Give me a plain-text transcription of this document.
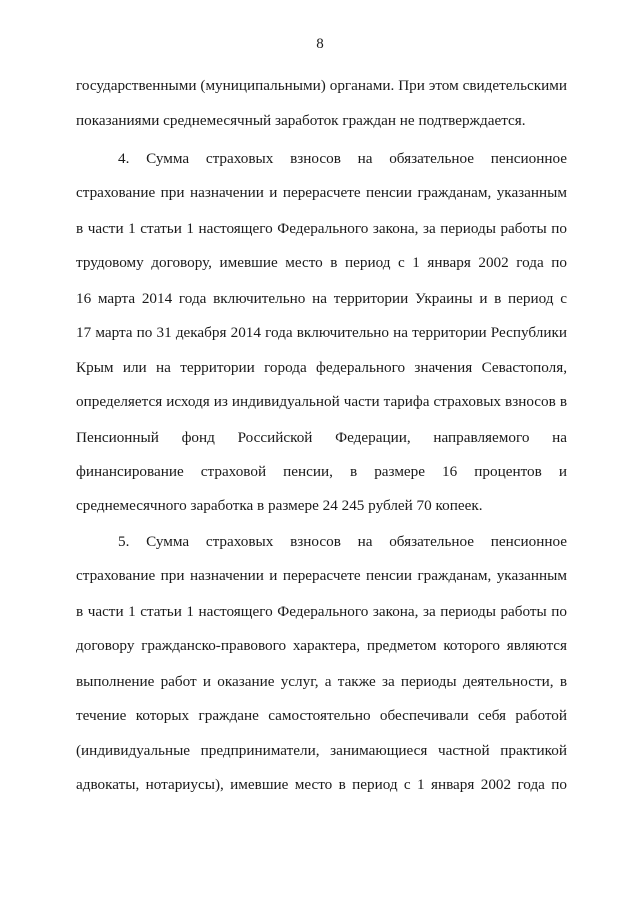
8
государственными (муниципальными) органами. При этом свидетельскими
показаниями среднемесячный заработок граждан не подтверждается.
4. Сумма страховых взносов на обязательное пенсионное
страхование при назначении и перерасчете пенсии гражданам, указанным
в части 1 статьи 1 настоящего Федерального закона, за периоды работы по
трудовому договору, имевшие место в период с 1 января 2002 года по
16 марта 2014 года включительно на территории Украины и в период с
17 марта по 31 декабря 2014 года включительно на территории Республики
Крым или на территории города федерального значения Севастополя,
определяется исходя из индивидуальной части тарифа страховых взносов в
Пенсионный фонд Российской Федерации, направляемого на
финансирование страховой пенсии, в размере 16 процентов и
среднемесячного заработка в размере 24 245 рублей 70 копеек.
5. Сумма страховых взносов на обязательное пенсионное
страхование при назначении и перерасчете пенсии гражданам, указанным
в части 1 статьи 1 настоящего Федерального закона, за периоды работы по
договору гражданско-правового характера, предметом которого являются
выполнение работ и оказание услуг, а также за периоды деятельности, в
течение которых граждане самостоятельно обеспечивали себя работой
(индивидуальные предприниматели, занимающиеся частной практикой
адвокаты, нотариусы), имевшие место в период с 1 января 2002 года по
